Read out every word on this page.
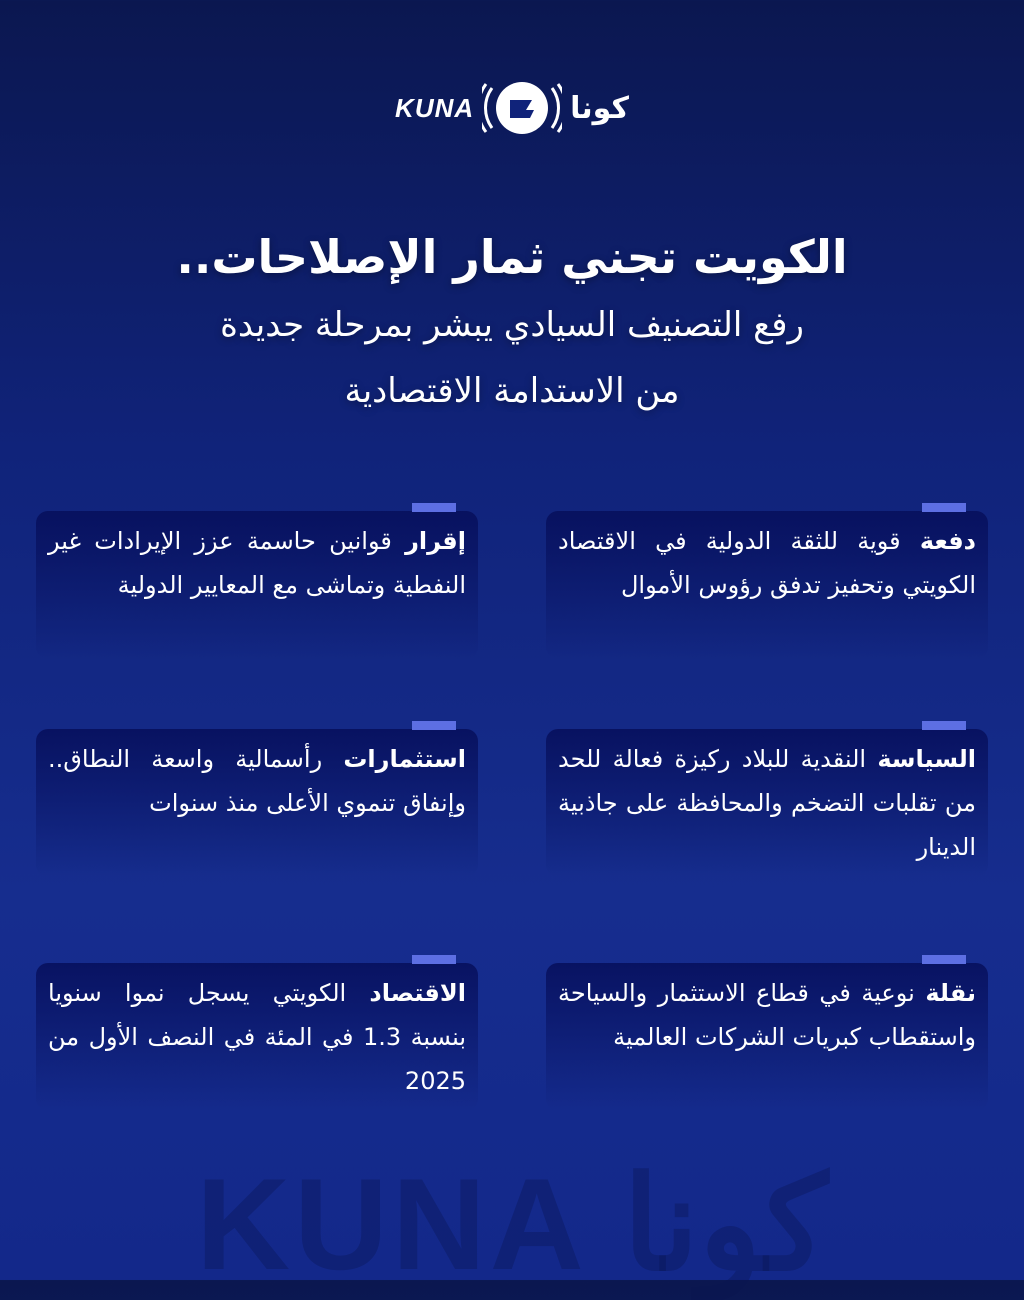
KUNA	كونا
الكويت تجني ثمار الإصلاحات..
رفع التصنيف السيادي يبشر بمرحلة جديدة
من الاستدامة الاقتصادية

دفعة قوية للثقة الدولية في الاقتصاد الكويتي وتحفيز تدفق رؤوس الأموال

إقرار قوانين حاسمة عزز الإيرادات غير النفطية وتماشى مع المعايير الدولية

السياسة النقدية للبلاد ركيزة فعالة للحد من تقلبات التضخم والمحافظة على جاذبية الدينار

استثمارات رأسمالية واسعة النطاق.. وإنفاق تنموي الأعلى منذ سنوات

نقلة نوعية في قطاع الاستثمار والسياحة واستقطاب كبريات الشركات العالمية

الاقتصاد الكويتي يسجل نموا سنويا بنسبة 1.3 في المئة في النصف الأول من 2025

KUNA كونا
